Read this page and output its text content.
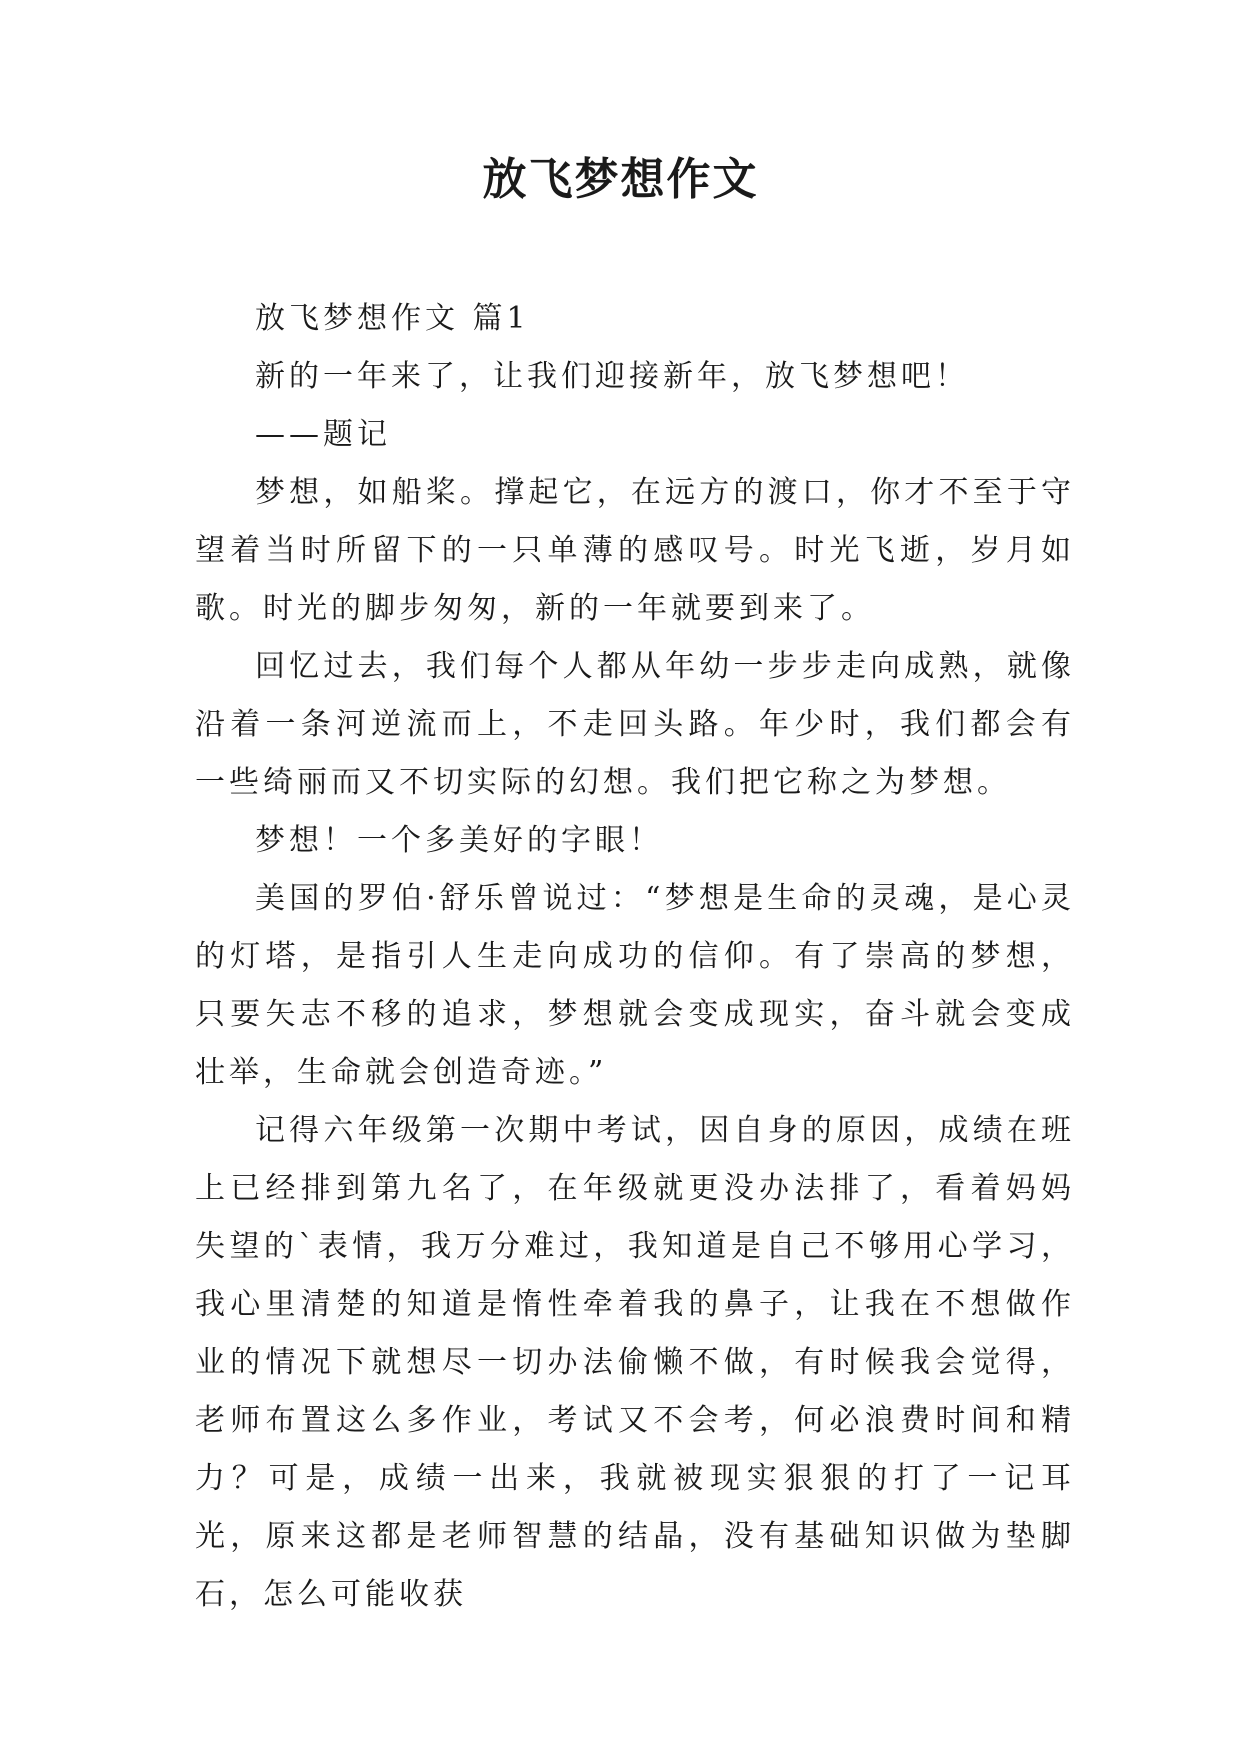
放飞梦想作文

放飞梦想作文 篇1

新的一年来了，让我们迎接新年，放飞梦想吧！

——题记

梦想，如船桨。撑起它，在远方的渡口，你才不至于守望着当时所留下的一只单薄的感叹号。时光飞逝，岁月如歌。时光的脚步匆匆，新的一年就要到来了。

回忆过去，我们每个人都从年幼一步步走向成熟，就像沿着一条河逆流而上，不走回头路。年少时，我们都会有一些绮丽而又不切实际的幻想。我们把它称之为梦想。

梦想！一个多美好的字眼！

美国的罗伯·舒乐曾说过：“梦想是生命的灵魂，是心灵的灯塔，是指引人生走向成功的信仰。有了崇高的梦想，只要矢志不移的追求，梦想就会变成现实，奋斗就会变成壮举，生命就会创造奇迹。”

记得六年级第一次期中考试，因自身的原因，成绩在班上已经排到第九名了，在年级就更没办法排了，看着妈妈失望的`表情，我万分难过，我知道是自己不够用心学习，我心里清楚的知道是惰性牵着我的鼻子，让我在不想做作业的情况下就想尽一切办法偷懒不做，有时候我会觉得，老师布置这么多作业，考试又不会考，何必浪费时间和精力？可是，成绩一出来，我就被现实狠狠的打了一记耳光，原来这都是老师智慧的结晶，没有基础知识做为垫脚石，怎么可能收获
